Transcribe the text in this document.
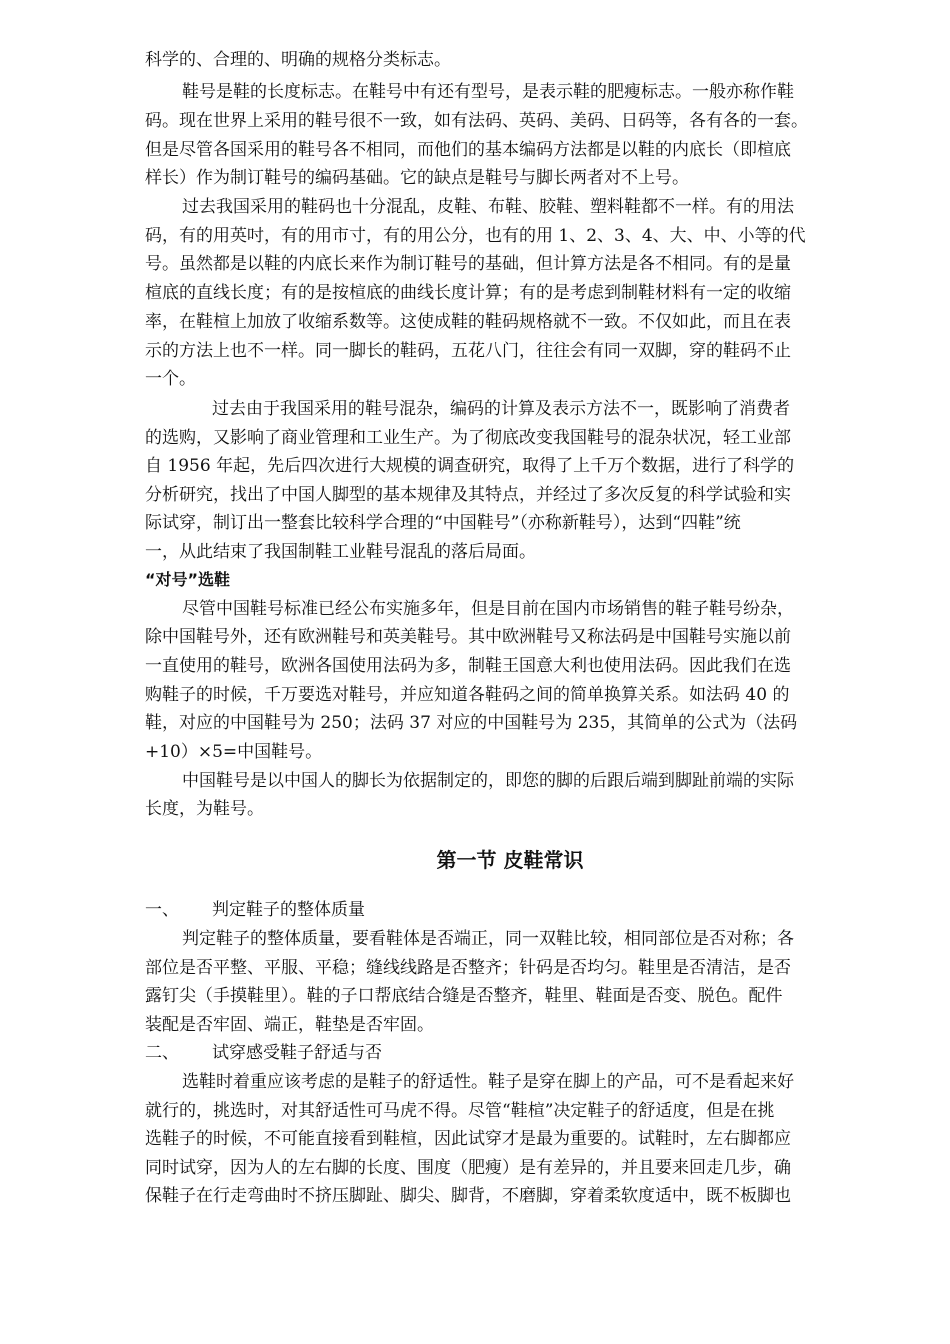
科学的、合理的、明确的规格分类标志。
鞋号是鞋的长度标志。在鞋号中有还有型号，是表示鞋的肥瘦标志。一般亦称作鞋
码。现在世界上采用的鞋号很不一致，如有法码、英码、美码、日码等，各有各的一套。
但是尽管各国采用的鞋号各不相同，而他们的基本编码方法都是以鞋的内底长（即楦底
样长）作为制订鞋号的编码基础。它的缺点是鞋号与脚长两者对不上号。
过去我国采用的鞋码也十分混乱，皮鞋、布鞋、胶鞋、塑料鞋都不一样。有的用法
码，有的用英吋，有的用市寸，有的用公分，也有的用 1、2、3、4、大、中、小等的代
号。虽然都是以鞋的内底长来作为制订鞋号的基础，但计算方法是各不相同。有的是量
楦底的直线长度；有的是按楦底的曲线长度计算；有的是考虑到制鞋材料有一定的收缩
率，在鞋楦上加放了收缩系数等。这使成鞋的鞋码规格就不一致。不仅如此，而且在表
示的方法上也不一样。同一脚长的鞋码，五花八门，往往会有同一双脚，穿的鞋码不止
一个。
过去由于我国采用的鞋号混杂，编码的计算及表示方法不一，既影响了消费者
的选购，又影响了商业管理和工业生产。为了彻底改变我国鞋号的混杂状况，轻工业部
自 1956 年起，先后四次进行大规模的调查研究，取得了上千万个数据，进行了科学的
分析研究，找出了中国人脚型的基本规律及其特点，并经过了多次反复的科学试验和实
际试穿，制订出一整套比较科学合理的“中国鞋号”（亦称新鞋号），达到“四鞋”统
一，从此结束了我国制鞋工业鞋号混乱的落后局面。
“对号”选鞋
尽管中国鞋号标准已经公布实施多年，但是目前在国内市场销售的鞋子鞋号纷杂，
除中国鞋号外，还有欧洲鞋号和英美鞋号。其中欧洲鞋号又称法码是中国鞋号实施以前
一直使用的鞋号，欧洲各国使用法码为多，制鞋王国意大利也使用法码。因此我们在选
购鞋子的时候，千万要选对鞋号，并应知道各鞋码之间的简单换算关系。如法码 40 的
鞋，对应的中国鞋号为 250；法码 37 对应的中国鞋号为 235，其简单的公式为（法码
+10）×5=中国鞋号。
中国鞋号是以中国人的脚长为依据制定的，即您的脚的后跟后端到脚趾前端的实际
长度，为鞋号。
第一节 皮鞋常识
一、 判定鞋子的整体质量
判定鞋子的整体质量，要看鞋体是否端正，同一双鞋比较，相同部位是否对称；各
部位是否平整、平服、平稳；缝线线路是否整齐；针码是否均匀。鞋里是否清洁，是否
露钉尖（手摸鞋里）。鞋的子口帮底结合缝是否整齐，鞋里、鞋面是否变、脱色。配件
装配是否牢固、端正，鞋垫是否牢固。
二、 试穿感受鞋子舒适与否
选鞋时着重应该考虑的是鞋子的舒适性。鞋子是穿在脚上的产品，可不是看起来好
就行的，挑选时，对其舒适性可马虎不得。尽管“鞋楦”决定鞋子的舒适度，但是在挑
选鞋子的时候，不可能直接看到鞋楦，因此试穿才是最为重要的。试鞋时，左右脚都应
同时试穿，因为人的左右脚的长度、围度（肥瘦）是有差异的，并且要来回走几步，确
保鞋子在行走弯曲时不挤压脚趾、脚尖、脚背，不磨脚，穿着柔软度适中，既不板脚也
